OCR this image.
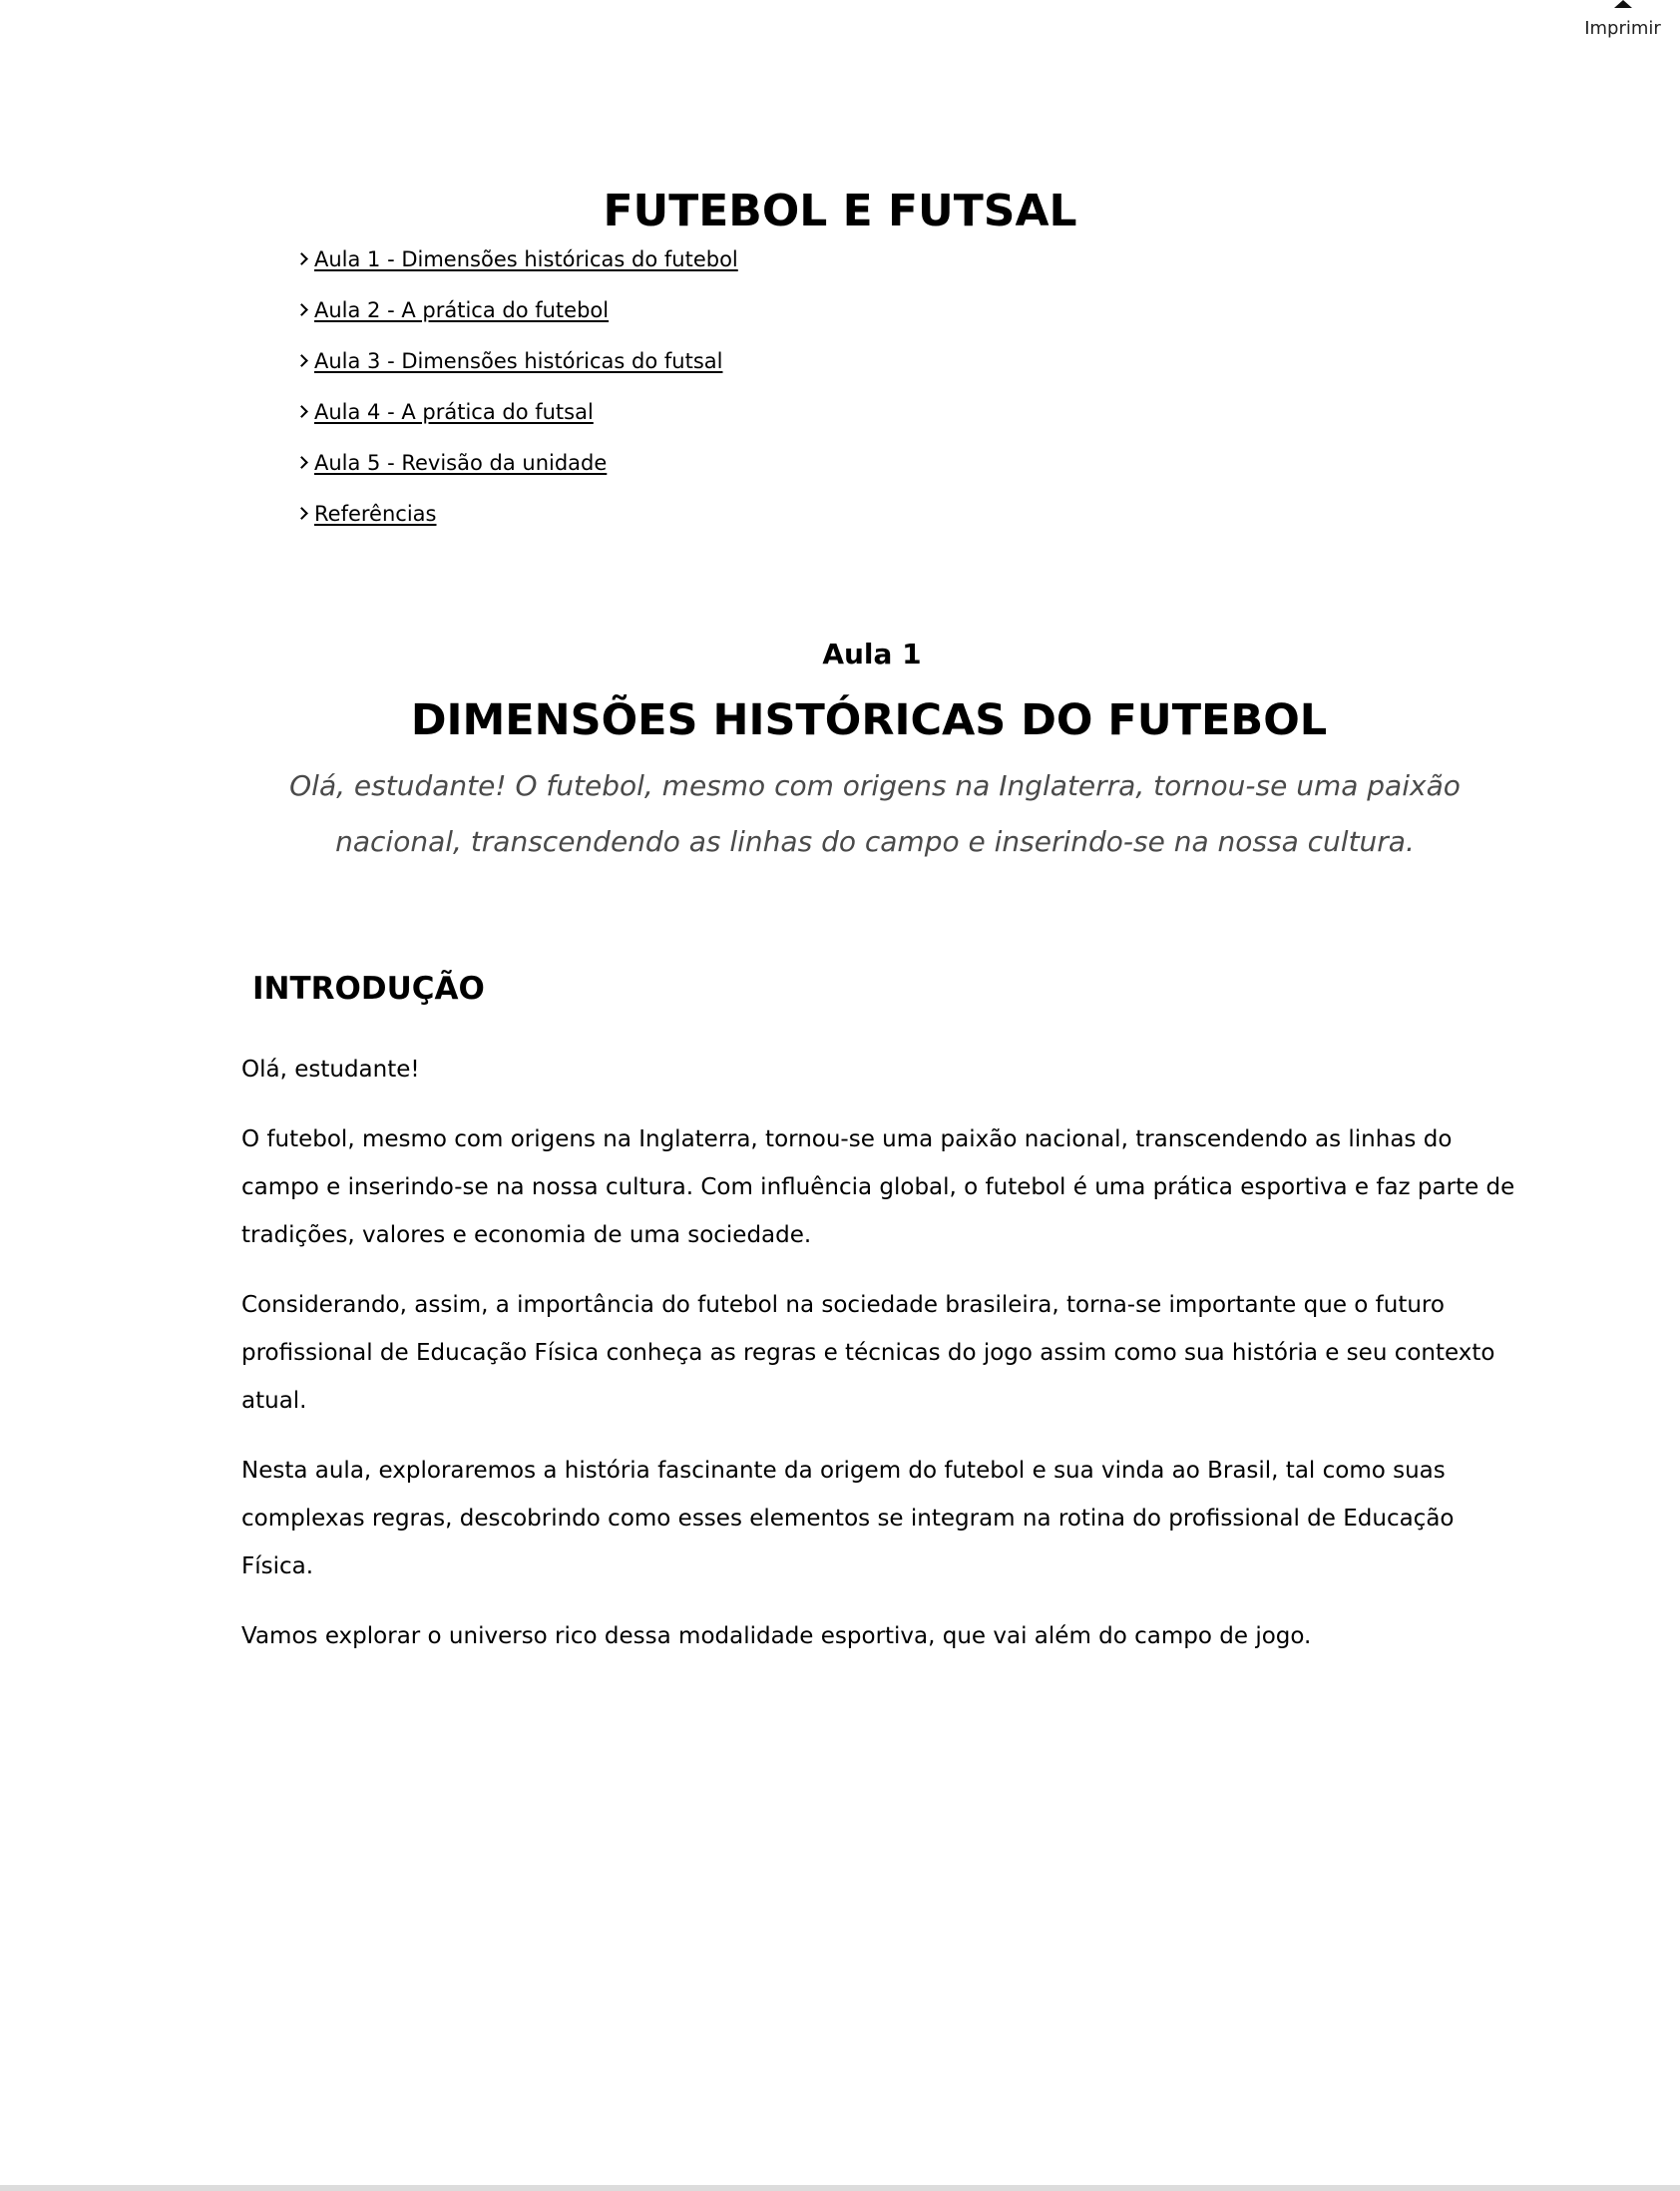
Imprimir
FUTEBOL E FUTSAL
Aula 1 - Dimensões históricas do futebol
Aula 2 - A prática do futebol
Aula 3 - Dimensões históricas do futsal
Aula 4 - A prática do futsal
Aula 5 - Revisão da unidade
Referências
Aula 1
DIMENSÕES HISTÓRICAS DO FUTEBOL

Olá, estudante! O futebol, mesmo com origens na Inglaterra, tornou-se uma paixão nacional, transcendendo as linhas do campo e inserindo-se na nossa cultura.

INTRODUÇÃO

Olá, estudante!

O futebol, mesmo com origens na Inglaterra, tornou-se uma paixão nacional, transcendendo as linhas do campo e inserindo-se na nossa cultura. Com influência global, o futebol é uma prática esportiva e faz parte de tradições, valores e economia de uma sociedade.

Considerando, assim, a importância do futebol na sociedade brasileira, torna-se importante que o futuro profissional de Educação Física conheça as regras e técnicas do jogo assim como sua história e seu contexto atual.

Nesta aula, exploraremos a história fascinante da origem do futebol e sua vinda ao Brasil, tal como suas complexas regras, descobrindo como esses elementos se integram na rotina do profissional de Educação Física.

Vamos explorar o universo rico dessa modalidade esportiva, que vai além do campo de jogo.
